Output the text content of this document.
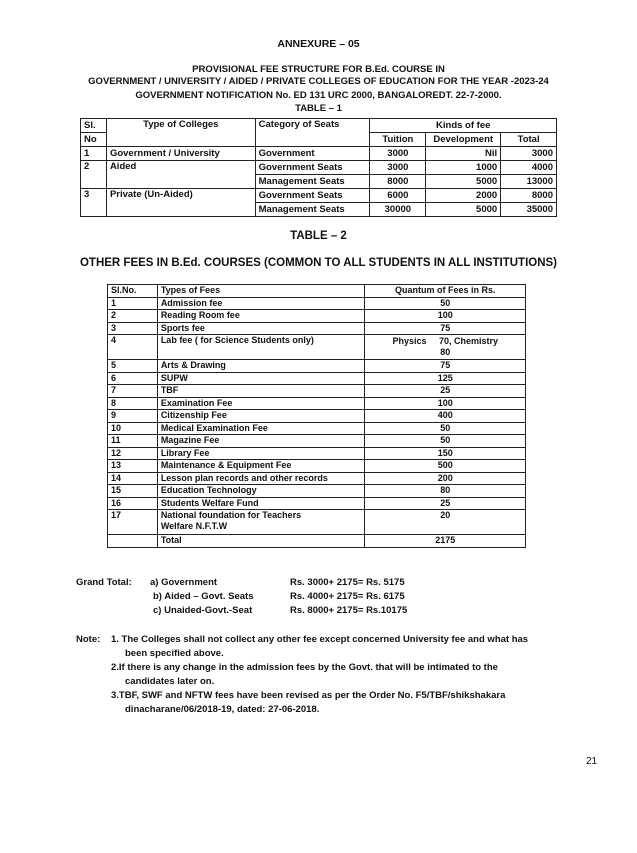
ANNEXURE – 05
PROVISIONAL FEE STRUCTURE FOR B.Ed. COURSE IN
GOVERNMENT / UNIVERSITY / AIDED / PRIVATE COLLEGES OF EDUCATION FOR THE YEAR -2023-24
GOVERNMENT NOTIFICATION No. ED 131 URC 2000, BANGALOREDT. 22-7-2000.
TABLE – 1
Sl.	Type of Colleges	Category of Seats	Kinds of fee		
No			Tuition	Development	Total
1	Government / University	Government	3000	Nil	3000
2	Aided	Government Seats	3000	1000	4000
		Management Seats	8000	5000	13000
3	Private (Un-Aided)	Government Seats	6000	2000	8000
		Management Seats	30000	5000	35000
TABLE – 2
OTHER FEES IN B.Ed. COURSES (COMMON TO ALL STUDENTS IN ALL INSTITUTIONS)
Sl.No.	Types of Fees	Quantum of Fees in Rs.
1	Admission fee	50
2	Reading Room fee	100
3	Sports fee	75
4	Lab fee ( for Science Students only)	Physics     70, Chemistry
80

5	Arts & Drawing	75
6	SUPW	125
7	TBF	25
8	Examination Fee	100
9	Citizenship Fee	400
10	Medical Examination Fee	50
11	Magazine Fee	50
12	Library Fee	150
13	Maintenance & Equipment Fee	500
14	Lesson plan records and other records	200
15	Education Technology	80
16	Students Welfare Fund	25
17	National foundation for Teachers
Welfare N.F.T.W	20
	Total	2175
Grand Total: a) Government	Rs. 3000+ 2175= Rs. 5175
b) Aided – Govt. Seats	Rs. 4000+ 2175= Rs. 6175
c) Unaided-Govt.-Seat	Rs. 8000+ 2175= Rs.10175
Note: 1. The Colleges shall not collect any other fee except concerned University fee and what has
been specified above.
2.If there is any change in the admission fees by the Govt. that will be intimated to the
candidates later on.
3.TBF, SWF and NFTW fees have been revised as per the Order No. F5/TBF/shikshakara
dinacharane/06/2018-19, dated: 27-06-2018.
21
